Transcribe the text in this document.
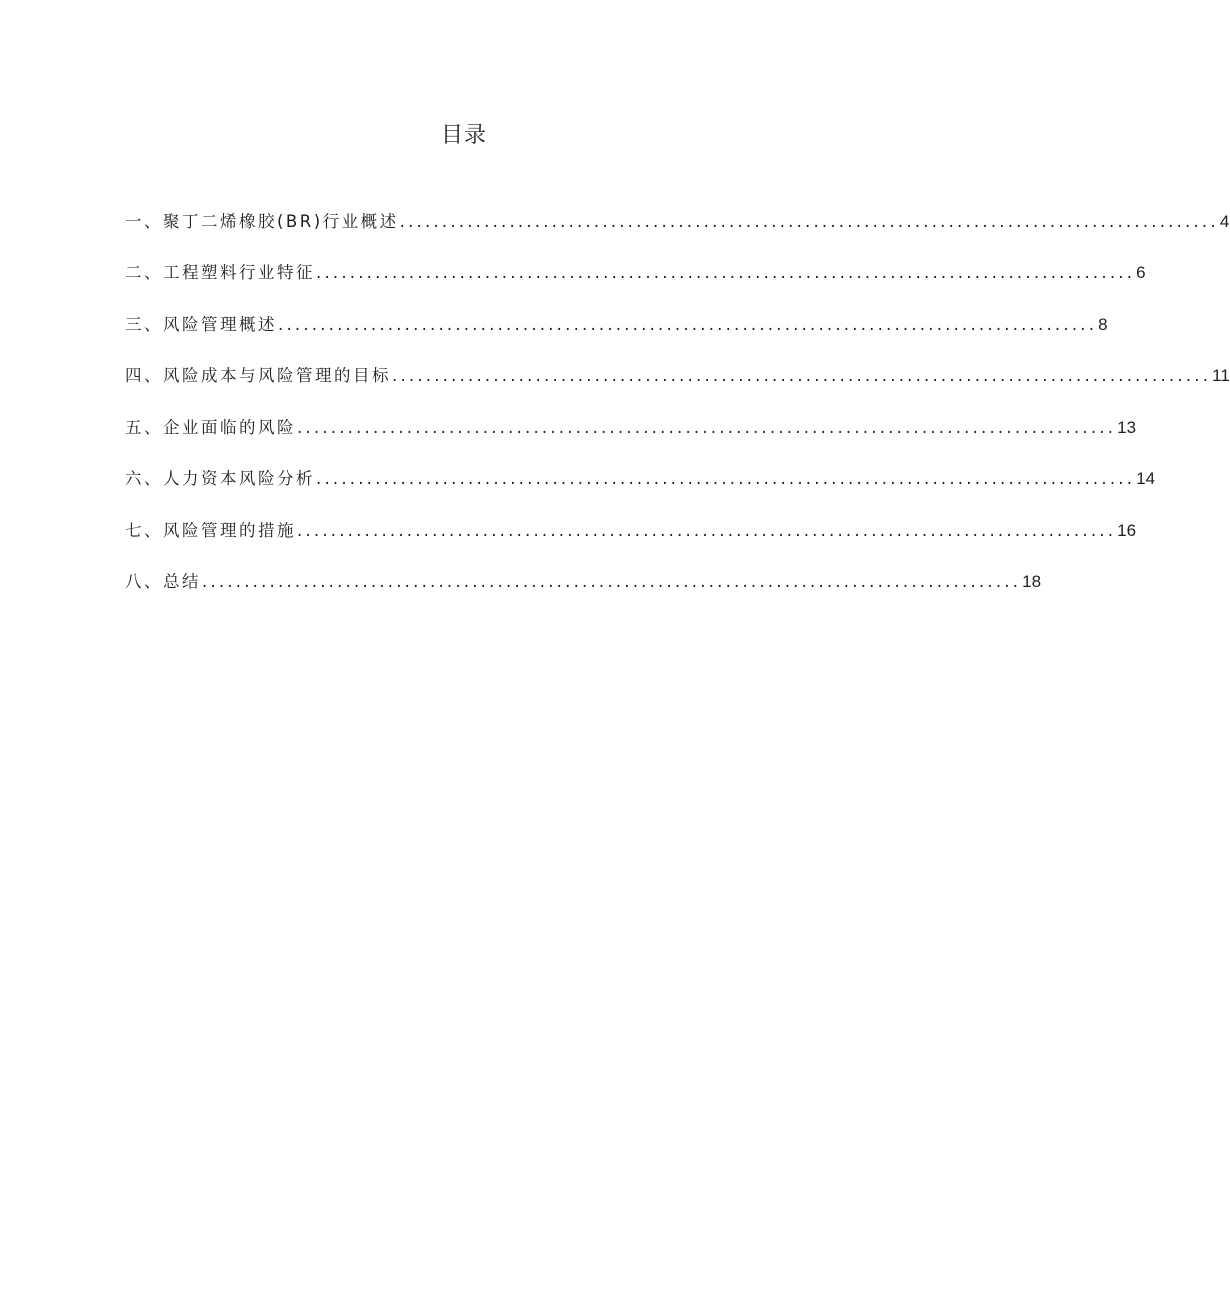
目录
一、聚丁二烯橡胶(BR)行业概述 ................................................................................................. 4
二、工程塑料行业特征 ................................................................................................. 6
三、风险管理概述 ................................................................................................. 8
四、风险成本与风险管理的目标 ................................................................................................. 11
五、企业面临的风险 ................................................................................................. 13
六、人力资本风险分析 ................................................................................................. 14
七、风险管理的措施 ................................................................................................. 16
八、总结 ................................................................................................. 18
